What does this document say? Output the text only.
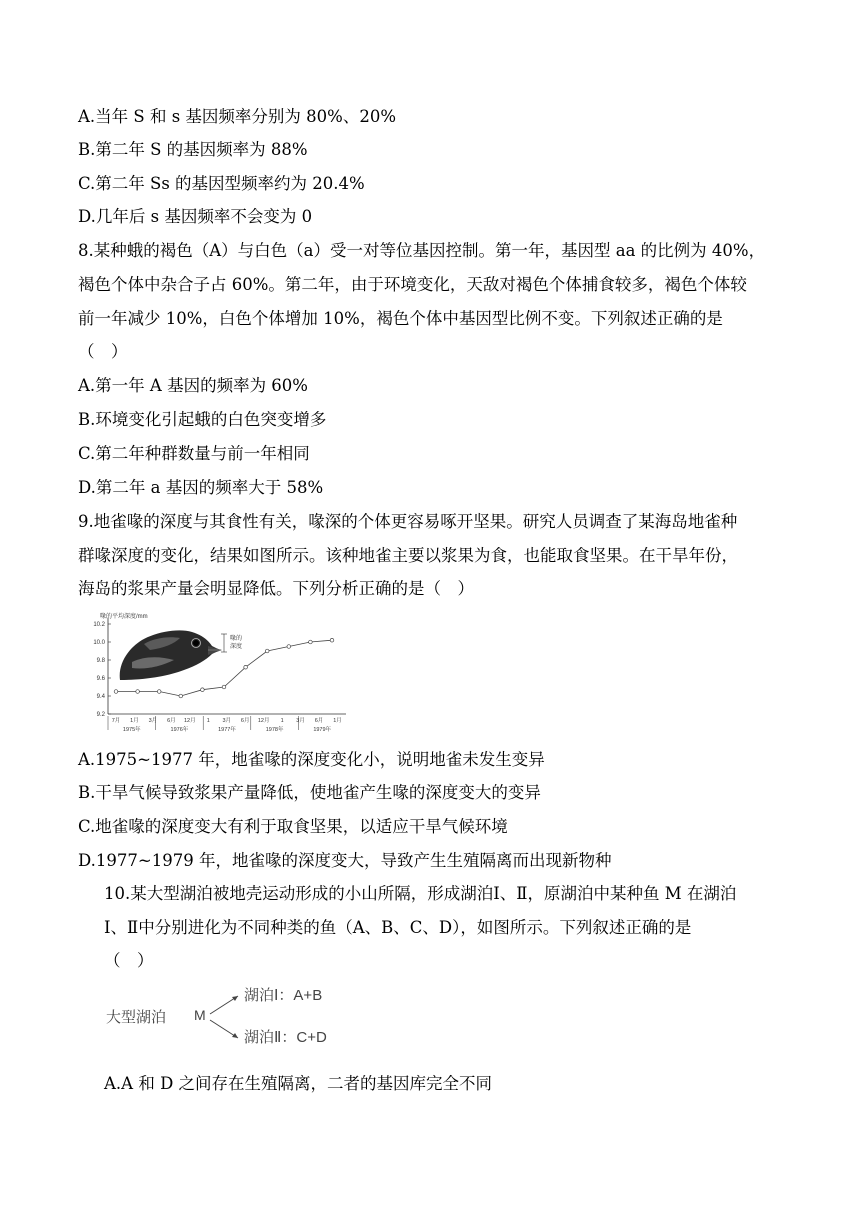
A.当年 S 和 s 基因频率分别为 80%、20%
B.第二年 S 的基因频率为 88%
C.第二年 Ss 的基因型频率约为 20.4%
D.几年后 s 基因频率不会变为 0
8.某种蛾的褐色（A）与白色（a）受一对等位基因控制。第一年，基因型 aa 的比例为 40%，
褐色个体中杂合子占 60%。第二年，由于环境变化，天敌对褐色个体捕食较多，褐色个体较
前一年减少 10%，白色个体增加 10%，褐色个体中基因型比例不变。下列叙述正确的是
（　）
A.第一年 A 基因的频率为 60%
B.环境变化引起蛾的白色突变增多
C.第二年种群数量与前一年相同
D.第二年 a 基因的频率大于 58%
9.地雀喙的深度与其食性有关，喙深的个体更容易啄开坚果。研究人员调查了某海岛地雀种
群喙深度的变化，结果如图所示。该种地雀主要以浆果为食，也能取食坚果。在干旱年份，
海岛的浆果产量会明显降低。下列分析正确的是（　）
喙的平均深度/mm
10.2
10.0
9.8
9.6
9.4
9.2
7月 1月 3月 6月 12月 1 3月 6月 12月 1 3月 6月 1月
1975年	1976年	1977年	1978年	1979年
喙的
深度
A.1975~1977 年，地雀喙的深度变化小，说明地雀未发生变异
B.干旱气候导致浆果产量降低，使地雀产生喙的深度变大的变异
C.地雀喙的深度变大有利于取食坚果，以适应干旱气候环境
D.1977~1979 年，地雀喙的深度变大，导致产生生殖隔离而出现新物种
10.某大型湖泊被地壳运动形成的小山所隔，形成湖泊Ⅰ、Ⅱ，原湖泊中某种鱼 M 在湖泊
Ⅰ、Ⅱ中分别进化为不同种类的鱼（A、B、C、D），如图所示。下列叙述正确的是
（　）
大型湖泊 M
湖泊Ⅰ：A+B
湖泊Ⅱ：C+D
A.A 和 D 之间存在生殖隔离，二者的基因库完全不同
